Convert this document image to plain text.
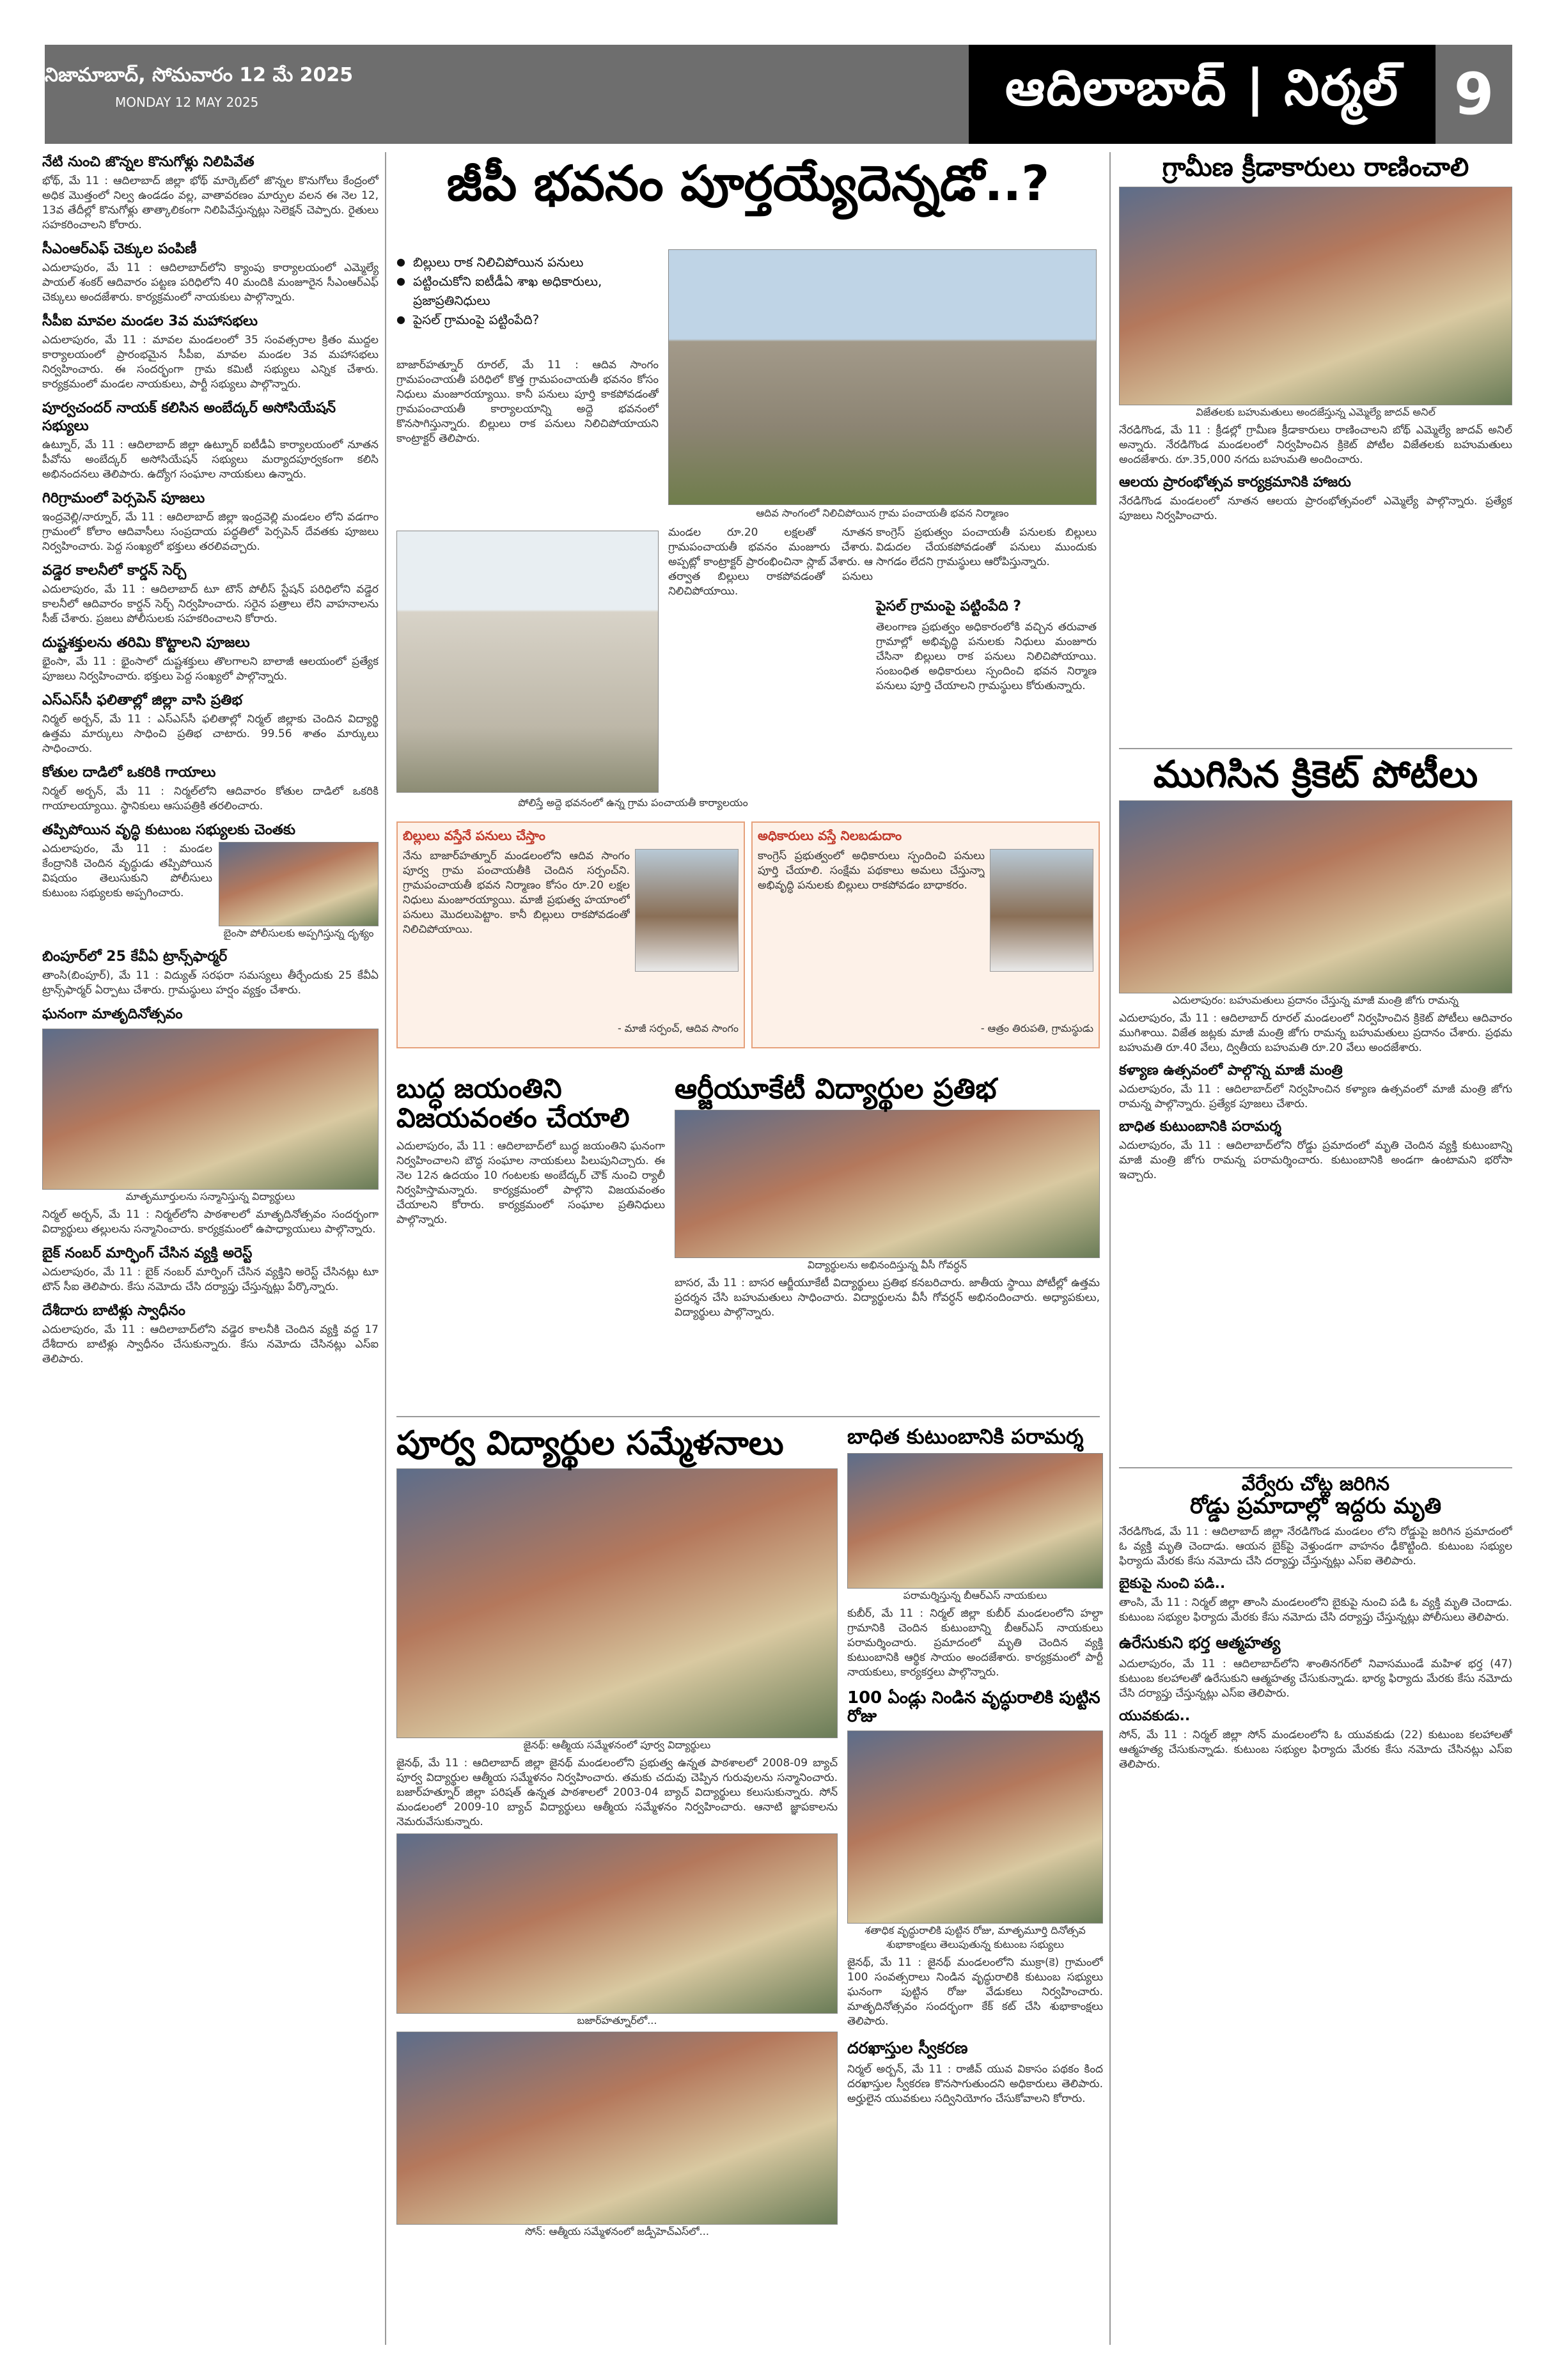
నిజామాబాద్, సోమవారం 12 మే 2025
MONDAY 12 MAY 2025	ఆదిలాబాద్ | నిర్మల్ 9
నేటి నుంచి జొన్నల కొనుగోళ్లు నిలిపివేత

భోథ్, మే 11 : ఆదిలాబాద్ జిల్లా భోథ్ మార్కెట్‌లో జొన్నల కొనుగోలు కేంద్రంలో అధిక మొత్తంలో నిల్వ ఉండడం వల్ల, వాతావరణం మార్పుల వలన ఈ నెల 12, 13వ తేదీల్లో కొనుగోళ్లు తాత్కాలికంగా నిలిపివేస్తున్నట్లు సెలెక్షన్ చెప్పారు. రైతులు సహకరించాలని కోరారు.

సీఎంఆర్ఎఫ్ చెక్కుల పంపిణీ

ఎదులాపురం, మే 11 : ఆదిలాబాద్‌లోని క్యాంపు కార్యాలయంలో ఎమ్మెల్యే పాయల్ శంకర్ ఆదివారం పట్టణ పరిధిలోని 40 మందికి మంజూరైన సీఎంఆర్ఎఫ్ చెక్కులు అందజేశారు. కార్యక్రమంలో నాయకులు పాల్గొన్నారు.

సీపీఐ మావల మండల 3వ మహాసభలు

ఎదులాపురం, మే 11 : మావల మండలంలో 35 సంవత్సరాల క్రితం ముద్దల కార్యాలయంలో ప్రారంభమైన సీపీఐ, మావల మండల 3వ మహాసభలు నిర్వహించారు. ఈ సందర్భంగా గ్రామ కమిటీ సభ్యులు ఎన్నిక చేశారు. కార్యక్రమంలో మండల నాయకులు, పార్టీ సభ్యులు పాల్గొన్నారు.

పూర్వచందర్ నాయక్ కలిసిన అంబేద్కర్ అసోసియేషన్ సభ్యులు

ఉట్నూర్, మే 11 : ఆదిలాబాద్ జిల్లా ఉట్నూర్ ఐటీడీఏ కార్యాలయంలో నూతన పీవోను అంబేద్కర్ అసోసియేషన్ సభ్యులు మర్యాదపూర్వకంగా కలిసి అభినందనలు తెలిపారు. ఉద్యోగ సంఘాల నాయకులు ఉన్నారు.

గిరిగ్రామంలో పెర్సపెన్ పూజలు

ఇంద్రవెల్లి/నార్నూర్, మే 11 : ఆదిలాబాద్ జిల్లా ఇంద్రవెల్లి మండలం లోని వడగాం గ్రామంలో కోలాం ఆదివాసీలు సంప్రదాయ పద్ధతిలో పెర్సపెన్ దేవతకు పూజలు నిర్వహించారు. పెద్ద సంఖ్యలో భక్తులు తరలివచ్చారు.

వడ్డెర కాలనీలో కార్డన్ సెర్చ్

ఎదులాపురం, మే 11 : ఆదిలాబాద్ టూ టౌన్ పోలీస్ స్టేషన్ పరిధిలోని వడ్డెర కాలనీలో ఆదివారం కార్డన్ సెర్చ్ నిర్వహించారు. సరైన పత్రాలు లేని వాహనాలను సీజ్ చేశారు. ప్రజలు పోలీసులకు సహకరించాలని కోరారు.

దుష్టశక్తులను తరిమి కొట్టాలని పూజలు

భైంసా, మే 11 : భైంసాలో దుష్టశక్తులు తొలగాలని బాలాజీ ఆలయంలో ప్రత్యేక పూజలు నిర్వహించారు. భక్తులు పెద్ద సంఖ్యలో పాల్గొన్నారు.

ఎస్ఎస్‌సీ ఫలితాల్లో జిల్లా వాసి ప్రతిభ

నిర్మల్ అర్బన్, మే 11 : ఎస్ఎస్‌సీ ఫలితాల్లో నిర్మల్ జిల్లాకు చెందిన విద్యార్థి ఉత్తమ మార్కులు సాధించి ప్రతిభ చాటారు. 99.56 శాతం మార్కులు సాధించారు.

కోతుల దాడిలో ఒకరికి గాయాలు

నిర్మల్ అర్బన్, మే 11 : నిర్మల్‌లోని ఆదివారం కోతుల దాడిలో ఒకరికి గాయాలయ్యాయి. స్థానికులు ఆసుపత్రికి తరలించారు.

తప్పిపోయిన వృద్ధి కుటుంబ సభ్యులకు చెంతకు

ఎదులాపురం, మే 11 : మండల కేంద్రానికి చెందిన వృద్ధుడు తప్పిపోయిన విషయం తెలుసుకుని పోలీసులు కుటుంబ సభ్యులకు అప్పగించారు.

బైంసా పోలీసులకు అప్పగిస్తున్న దృశ్యం
బింపూర్‌లో 25 కేవీఏ ట్రాన్స్‌ఫార్మర్

తాంసి(బింపూర్), మే 11 : విద్యుత్ సరఫరా సమస్యలు తీర్చేందుకు 25 కేవీఏ ట్రాన్స్‌ఫార్మర్ ఏర్పాటు చేశారు. గ్రామస్థులు హర్షం వ్యక్తం చేశారు.

ఘనంగా మాతృదినోత్సవం
మాతృమూర్తులను సన్మానిస్తున్న విద్యార్థులు

నిర్మల్ అర్బన్, మే 11 : నిర్మల్‌లోని పాఠశాలలో మాతృదినోత్సవం సందర్భంగా విద్యార్థులు తల్లులను సన్మానించారు. కార్యక్రమంలో ఉపాధ్యాయులు పాల్గొన్నారు.

బైక్ నంబర్ మార్ఫింగ్ చేసిన వ్యక్తి అరెస్ట్

ఎదులాపురం, మే 11 : బైక్ నంబర్ మార్ఫింగ్ చేసిన వ్యక్తిని అరెస్ట్ చేసినట్లు టూ టౌన్ సీఐ తెలిపారు. కేసు నమోదు చేసి దర్యాప్తు చేస్తున్నట్లు పేర్కొన్నారు.

దేశీదారు బాటిళ్లు స్వాధీనం

ఎదులాపురం, మే 11 : ఆదిలాబాద్‌లోని వడ్డెర కాలనీకి చెందిన వ్యక్తి వద్ద 17 దేశీదారు బాటిళ్లు స్వాధీనం చేసుకున్నారు. కేసు నమోదు చేసినట్లు ఎస్ఐ తెలిపారు.

జీపీ భవనం పూర్తయ్యేదెన్నడో..?

● బిల్లులు రాక నిలిచిపోయిన పనులు

● పట్టించుకోని ఐటీడీఏ శాఖ అధికారులు, ప్రజాప్రతినిధులు

● పైసల్ గ్రామంపై పట్టింపేది?

ఆదివ సాంగంలో నిలిచిపోయిన గ్రామ పంచాయతీ భవన నిర్మాణం

బాజార్‌హత్నూర్ రూరల్, మే 11 : ఆదివ సాంగం గ్రామపంచాయతీ పరిధిలో కొత్త గ్రామపంచాయతీ భవనం కోసం నిధులు మంజూరయ్యాయి. కానీ పనులు పూర్తి కాకపోవడంతో గ్రామపంచాయతీ కార్యాలయాన్ని అద్దె భవనంలో కొనసాగిస్తున్నారు. బిల్లులు రాక పనులు నిలిచిపోయాయని కాంట్రాక్టర్ తెలిపారు.

మండల రూ.20 లక్షలతో నూతన గ్రామపంచాయతీ భవనం మంజూరు చేశారు. అప్పట్లో కాంట్రాక్టర్ ప్రారంభించినా స్లాబ్ వేశారు. ఆ తర్వాత బిల్లులు రాకపోవడంతో పనులు నిలిచిపోయాయి.

కాంగ్రెస్ ప్రభుత్వం పంచాయతీ పనులకు బిల్లులు విడుదల చేయకపోవడంతో పనులు ముందుకు సాగడం లేదని గ్రామస్థులు ఆరోపిస్తున్నారు.

పైసల్ గ్రామంపై పట్టింపేది ?

తెలంగాణ ప్రభుత్వం అధికారంలోకి వచ్చిన తరువాత గ్రామాల్లో అభివృద్ధి పనులకు నిధులు మంజూరు చేసినా బిల్లులు రాక పనులు నిలిచిపోయాయి. సంబంధిత అధికారులు స్పందించి భవన నిర్మాణ పనులు పూర్తి చేయాలని గ్రామస్థులు కోరుతున్నారు.

పోలిస్తే అద్దె భవనంలో ఉన్న గ్రామ పంచాయతీ కార్యాలయం
బిల్లులు వస్తేనే పనులు చేస్తాం

నేను బాజార్‌హత్నూర్ మండలంలోని ఆదివ సాంగం పూర్వ గ్రామ పంచాయతీకి చెందిన సర్పంచ్‌ని. గ్రామపంచాయతీ భవన నిర్మాణం కోసం రూ.20 లక్షల నిధులు మంజూరయ్యాయి. మాజీ ప్రభుత్వ హయాంలో పనులు మొదలుపెట్టాం. కానీ బిల్లులు రాకపోవడంతో నిలిచిపోయాయి.

- మాజీ సర్పంచ్, ఆదివ సాంగం
అధికారులు వస్తే నిలబడుదాం

కాంగ్రెస్ ప్రభుత్వంలో అధికారులు స్పందించి పనులు పూర్తి చేయాలి. సంక్షేమ పథకాలు అమలు చేస్తున్నా అభివృద్ధి పనులకు బిల్లులు రాకపోవడం బాధాకరం.

- ఆత్రం తిరుపతి, గ్రామస్థుడు
బుద్ధ జయంతిని
విజయవంతం చేయాలి

ఎదులాపురం, మే 11 : ఆదిలాబాద్‌లో బుద్ధ జయంతిని ఘనంగా నిర్వహించాలని బౌద్ధ సంఘాల నాయకులు పిలుపునిచ్చారు. ఈ నెల 12న ఉదయం 10 గంటలకు అంబేద్కర్ చౌక్ నుంచి ర్యాలీ నిర్వహిస్తామన్నారు. కార్యక్రమంలో పాల్గొని విజయవంతం చేయాలని కోరారు. కార్యక్రమంలో సంఘాల ప్రతినిధులు పాల్గొన్నారు.

ఆర్జీయూకేటీ విద్యార్థుల ప్రతిభ
విద్యార్థులను అభినందిస్తున్న వీసీ గోవర్ధన్

బాసర, మే 11 : బాసర ఆర్జీయూకేటీ విద్యార్థులు ప్రతిభ కనబరిచారు. జాతీయ స్థాయి పోటీల్లో ఉత్తమ ప్రదర్శన చేసి బహుమతులు సాధించారు. విద్యార్థులను వీసీ గోవర్ధన్ అభినందించారు. అధ్యాపకులు, విద్యార్థులు పాల్గొన్నారు.

పూర్వ విద్యార్థుల సమ్మేళనాలు
జైనథ్: ఆత్మీయ సమ్మేళనంలో పూర్వ విద్యార్థులు

జైనథ్, మే 11 : ఆదిలాబాద్ జిల్లా జైనథ్ మండలంలోని ప్రభుత్వ ఉన్నత పాఠశాలలో 2008-09 బ్యాచ్ పూర్వ విద్యార్థుల ఆత్మీయ సమ్మేళనం నిర్వహించారు. తమకు చదువు చెప్పిన గురువులను సన్మానించారు. బజార్‌హత్నూర్ జిల్లా పరిషత్ ఉన్నత పాఠశాలలో 2003-04 బ్యాచ్ విద్యార్థులు కలుసుకున్నారు. సోన్ మండలంలో 2009-10 బ్యాచ్ విద్యార్థులు ఆత్మీయ సమ్మేళనం నిర్వహించారు. ఆనాటి జ్ఞాపకాలను నెమరువేసుకున్నారు.

బజార్‌హత్నూర్‌లో...
సోన్: ఆత్మీయ సమ్మేళనంలో జడ్పీహెచ్ఎస్‌లో...
బాధిత కుటుంబానికి పరామర్శ
పరామర్శిస్తున్న బీఆర్ఎస్ నాయకులు

కుబీర్, మే 11 : నిర్మల్ జిల్లా కుబీర్ మండలంలోని హల్దా గ్రామానికి చెందిన కుటుంబాన్ని బీఆర్ఎస్ నాయకులు పరామర్శించారు. ప్రమాదంలో మృతి చెందిన వ్యక్తి కుటుంబానికి ఆర్థిక సాయం అందజేశారు. కార్యక్రమంలో పార్టీ నాయకులు, కార్యకర్తలు పాల్గొన్నారు.

100 ఏండ్లు నిండిన వృద్ధురాలికి పుట్టిన రోజు
శతాధిక వృద్ధురాలికి పుట్టిన రోజు, మాతృమూర్తి దినోత్సవ శుభాకాంక్షలు తెలుపుతున్న కుటుంబ సభ్యులు

జైనథ్, మే 11 : జైనథ్ మండలంలోని ముక్రా(కె) గ్రామంలో 100 సంవత్సరాలు నిండిన వృద్ధురాలికి కుటుంబ సభ్యులు ఘనంగా పుట్టిన రోజు వేడుకలు నిర్వహించారు. మాతృదినోత్సవం సందర్భంగా కేక్ కట్ చేసి శుభాకాంక్షలు తెలిపారు.

దరఖాస్తుల స్వీకరణ

నిర్మల్ అర్బన్, మే 11 : రాజీవ్ యువ వికాసం పథకం కింద దరఖాస్తుల స్వీకరణ కొనసాగుతుందని అధికారులు తెలిపారు. అర్హులైన యువకులు సద్వినియోగం చేసుకోవాలని కోరారు.

గ్రామీణ క్రీడాకారులు రాణించాలి
విజేతలకు బహుమతులు అందజేస్తున్న ఎమ్మెల్యే జాదవ్ అనిల్

నేరడిగొండ, మే 11 : క్రీడల్లో గ్రామీణ క్రీడాకారులు రాణించాలని బోథ్ ఎమ్మెల్యే జాదవ్ అనిల్ అన్నారు. నేరడిగొండ మండలంలో నిర్వహించిన క్రికెట్ పోటీల విజేతలకు బహుమతులు అందజేశారు. రూ.35,000 నగదు బహుమతి అందించారు.

ఆలయ ప్రారంభోత్సవ కార్యక్రమానికి హాజరు

నేరడిగొండ మండలంలో నూతన ఆలయ ప్రారంభోత్సవంలో ఎమ్మెల్యే పాల్గొన్నారు. ప్రత్యేక పూజలు నిర్వహించారు.

ముగిసిన క్రికెట్ పోటీలు
ఎదులాపురం: బహుమతులు ప్రదానం చేస్తున్న మాజీ మంత్రి జోగు రామన్న

ఎదులాపురం, మే 11 : ఆదిలాబాద్ రూరల్ మండలంలో నిర్వహించిన క్రికెట్ పోటీలు ఆదివారం ముగిశాయి. విజేత జట్లకు మాజీ మంత్రి జోగు రామన్న బహుమతులు ప్రదానం చేశారు. ప్రథమ బహుమతి రూ.40 వేలు, ద్వితీయ బహుమతి రూ.20 వేలు అందజేశారు.

కళ్యాణ ఉత్సవంలో పాల్గొన్న మాజీ మంత్రి

ఎదులాపురం, మే 11 : ఆదిలాబాద్‌లో నిర్వహించిన కళ్యాణ ఉత్సవంలో మాజీ మంత్రి జోగు రామన్న పాల్గొన్నారు. ప్రత్యేక పూజలు చేశారు.

బాధిత కుటుంబానికి పరామర్శ

ఎదులాపురం, మే 11 : ఆదిలాబాద్‌లోని రోడ్డు ప్రమాదంలో మృతి చెందిన వ్యక్తి కుటుంబాన్ని మాజీ మంత్రి జోగు రామన్న పరామర్శించారు. కుటుంబానికి అండగా ఉంటామని భరోసా ఇచ్చారు.

వేర్వేరు చోట్ల జరిగిన
రోడ్డు ప్రమాదాల్లో ఇద్దరు మృతి

నేరడిగొండ, మే 11 : ఆదిలాబాద్ జిల్లా నేరడిగొండ మండలం లోని రోడ్డుపై జరిగిన ప్రమాదంలో ఓ వ్యక్తి మృతి చెందాడు. ఆయన బైక్‌పై వెళ్తుండగా వాహనం ఢీకొట్టింది. కుటుంబ సభ్యుల ఫిర్యాదు మేరకు కేసు నమోదు చేసి దర్యాప్తు చేస్తున్నట్లు ఎస్ఐ తెలిపారు.

బైకుపై నుంచి పడి..

తాంసి, మే 11 : నిర్మల్ జిల్లా తాంసి మండలంలోని బైకుపై నుంచి పడి ఓ వ్యక్తి మృతి చెందాడు. కుటుంబ సభ్యుల ఫిర్యాదు మేరకు కేసు నమోదు చేసి దర్యాప్తు చేస్తున్నట్లు పోలీసులు తెలిపారు.

ఉరేసుకుని భర్త ఆత్మహత్య

ఎదులాపురం, మే 11 : ఆదిలాబాద్‌లోని శాంతినగర్‌లో నివాసముండే మహిళ భర్త (47) కుటుంబ కలహాలతో ఉరేసుకుని ఆత్మహత్య చేసుకున్నాడు. భార్య ఫిర్యాదు మేరకు కేసు నమోదు చేసి దర్యాప్తు చేస్తున్నట్లు ఎస్ఐ తెలిపారు.

యువకుడు..

సోన్, మే 11 : నిర్మల్ జిల్లా సోన్ మండలంలోని ఓ యువకుడు (22) కుటుంబ కలహాలతో ఆత్మహత్య చేసుకున్నాడు. కుటుంబ సభ్యుల ఫిర్యాదు మేరకు కేసు నమోదు చేసినట్లు ఎస్ఐ తెలిపారు.
